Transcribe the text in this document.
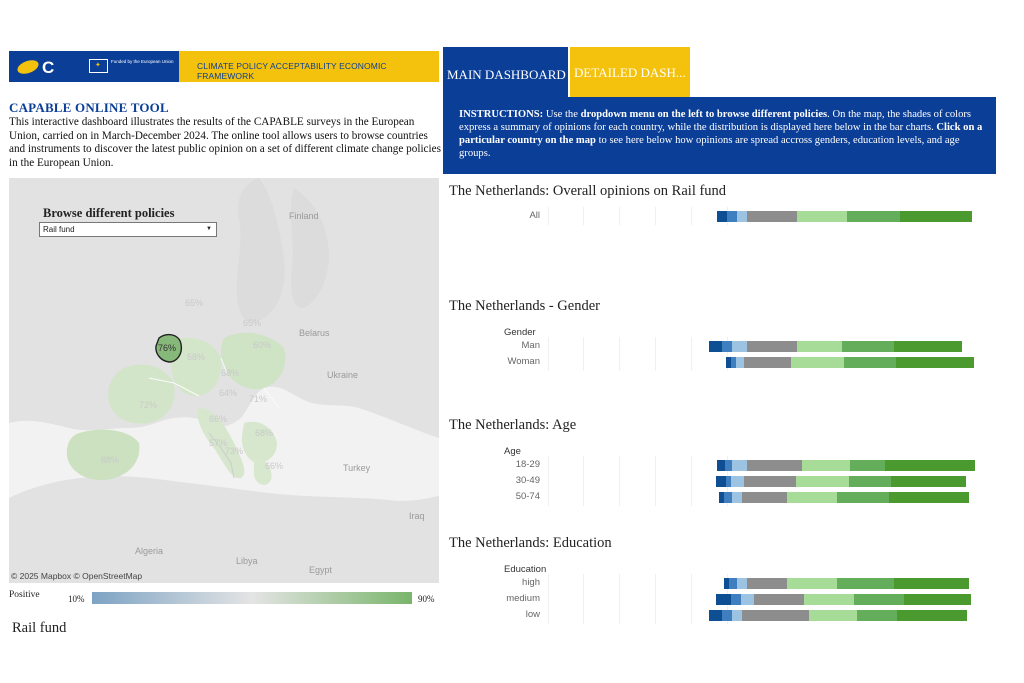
C	✦ Funded by the European Union	CLIMATE POLICY ACCEPTABILITY ECONOMIC FRAMEWORK	MAIN DASHBOARD DETAILED DASH...
INSTRUCTIONS: Use the dropdown menu on the left to browse different policies. On the map, the shades of colors express a summary of opinions for each country, while the distribution is displayed here below in the bar charts. Click on a particular country on the map to see here below how opinions are spread accross genders, education levels, and age groups.
CAPABLE ONLINE TOOL
This interactive dashboard illustrates the results of the CAPABLE surveys in the European Union, carried on in March-December 2024. The online tool allows users to browse countries and instruments to discover the latest public opinion on a set of different climate change policies in the European Union.
Browse different policies
Rail fund	▼
Finland
Belarus
Ukraine
Turkey
Iraq
Algeria
Libya
Egypt
65%
58%
60%
68%
64%
71%
72%
66%
68%
88%
66%
65%
57%
73%
76%
© 2025 Mapbox © OpenStreetMap
Positive	10%	90%
Rail fund
The Netherlands: Overall opinions on Rail fund
All
The Netherlands - Gender
Gender
Man
Woman
The Netherlands: Age
Age
18-29
30-49
50-74
The Netherlands: Education
Education
high
medium
low
